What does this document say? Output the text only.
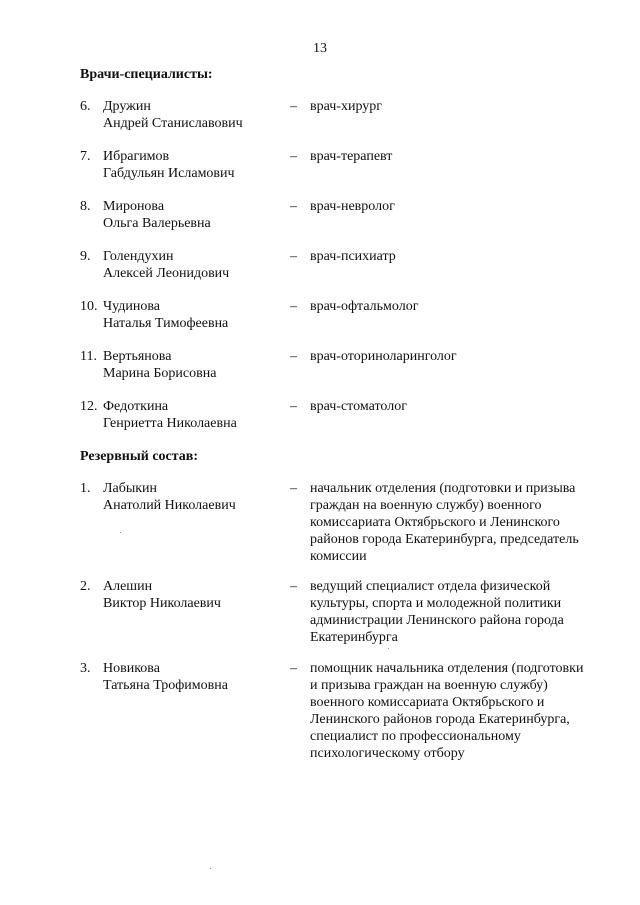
13
Врачи-специалисты:
6. Дружин
Андрей Станиславович
– врач-хирург
7. Ибрагимов
Габдульян Исламович
– врач-терапевт
8. Миронова
Ольга Валерьевна
– врач-невролог
9. Голендухин
Алексей Леонидович
– врач-психиатр
10. Чудинова
Наталья Тимофеевна
– врач-офтальмолог
11. Вертьянова
Марина Борисовна
– врач-оториноларинголог
12. Федоткина
Генриетта Николаевна
– врач-стоматолог
Резервный состав:
1. Лабыкин
Анатолий Николаевич
– начальник отделения (подготовки и призыва
граждан на военную службу) военного
комиссариата Октябрьского и Ленинского
районов города Екатеринбурга, председатель
комиссии
2. Алешин
Виктор Николаевич
– ведущий специалист отдела физической
культуры, спорта и молодежной политики
администрации Ленинского района города
Екатеринбурга
3. Новикова
Татьяна Трофимовна
– помощник начальника отделения (подготовки
и призыва граждан на военную службу)
военного комиссариата Октябрьского и
Ленинского районов города Екатеринбурга,
специалист по профессиональному
психологическому отбору
